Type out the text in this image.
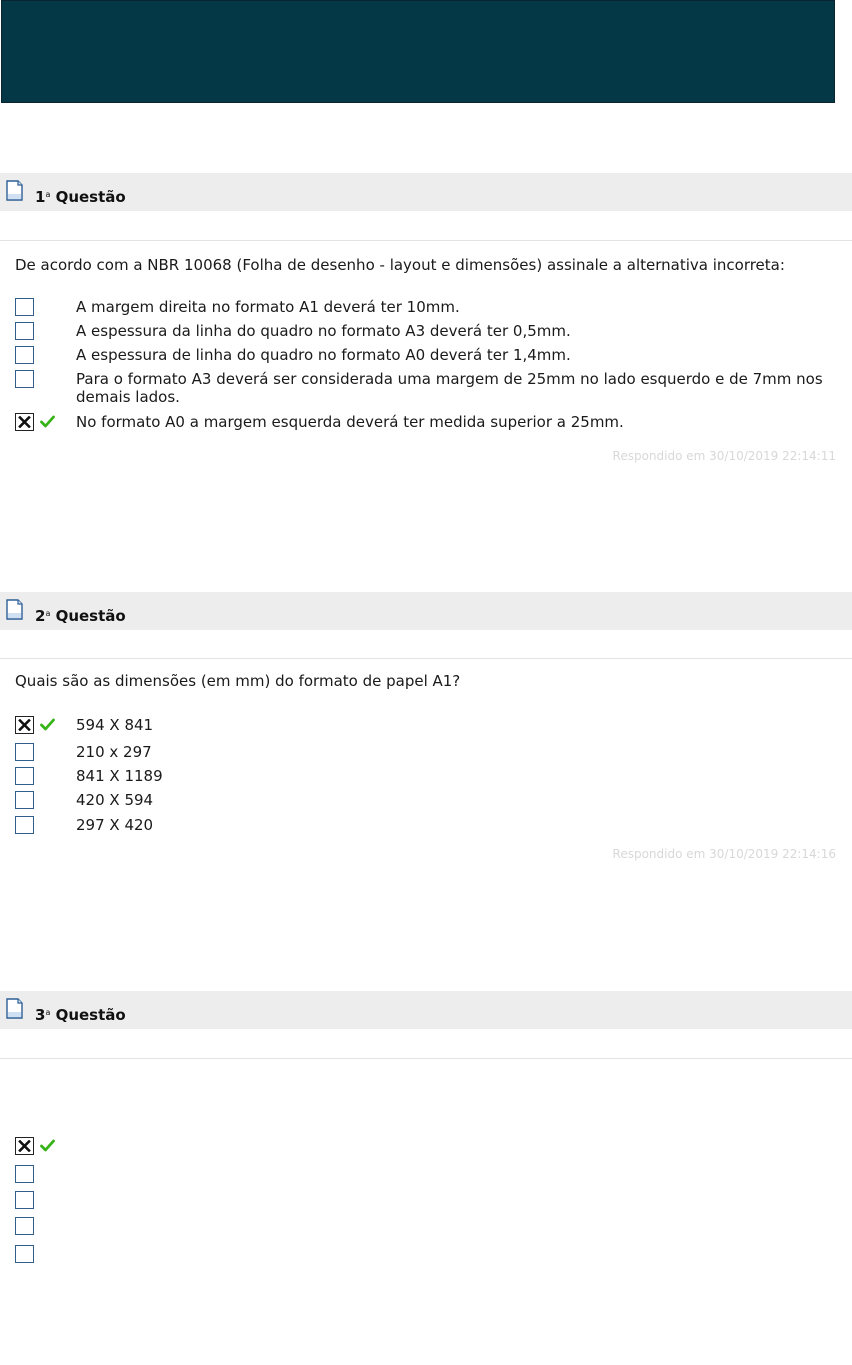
1$^a$ Questão
De acordo com a NBR 10068 (Folha de desenho - layout e dimensões) assinale a alternativa incorreta:
A margem direita no formato A1 deverá ter 10mm.
A espessura da linha do quadro no formato A3 deverá ter 0,5mm.
A espessura de linha do quadro no formato A0 deverá ter 1,4mm.
Para o formato A3 deverá ser considerada uma margem de 25mm no lado esquerdo e de 7mm nos demais lados.
No formato A0 a margem esquerda deverá ter medida superior a 25mm.
Respondido em 30/10/2019 22:14:11
2$^a$ Questão
Quais são as dimensões (em mm) do formato de papel A1?
594 X 841
210 x 297
841 X 1189
420 X 594
297 X 420
Respondido em 30/10/2019 22:14:16
3$^a$ Questão
